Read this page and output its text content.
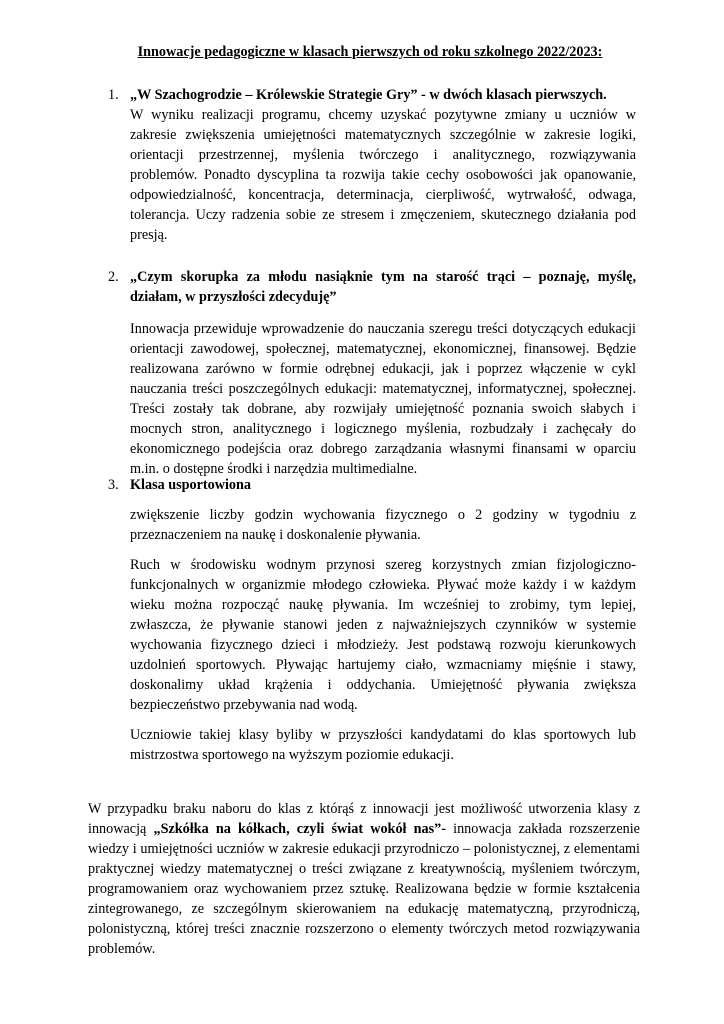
Innowacje pedagogiczne w klasach pierwszych od roku szkolnego 2022/2023:
1. „W Szachogrodzie – Królewskie Strategie Gry” - w dwóch klasach pierwszych.

W wyniku realizacji programu, chcemy uzyskać pozytywne zmiany u uczniów w zakresie zwiększenia umiejętności matematycznych szczególnie w zakresie logiki, orientacji przestrzennej, myślenia twórczego i analitycznego, rozwiązywania problemów. Ponadto dyscyplina ta rozwija takie cechy osobowości jak opanowanie, odpowiedzialność, koncentracja, determinacja, cierpliwość, wytrwałość, odwaga, tolerancja. Uczy radzenia sobie ze stresem i zmęczeniem, skutecznego działania pod presją.

2. „Czym skorupka za młodu nasiąknie tym na starość trąci – poznaję, myślę, działam, w przyszłości zdecyduję”

Innowacja przewiduje wprowadzenie do nauczania szeregu treści dotyczących edukacji orientacji zawodowej, społecznej, matematycznej, ekonomicznej, finansowej. Będzie realizowana zarówno w formie odrębnej edukacji, jak i poprzez włączenie w cykl nauczania treści poszczególnych edukacji: matematycznej, informatycznej, społecznej. Treści zostały tak dobrane, aby rozwijały umiejętność poznania swoich słabych i mocnych stron, analitycznego i logicznego myślenia, rozbudzały i zachęcały do ekonomicznego podejścia oraz dobrego zarządzania własnymi finansami w oparciu m.in. o dostępne środki i narzędzia multimedialne.

3. Klasa usportowiona

zwiększenie liczby godzin wychowania fizycznego o 2 godziny w tygodniu z przeznaczeniem na naukę i doskonalenie pływania.

Ruch w środowisku wodnym przynosi szereg korzystnych zmian fizjologiczno-funkcjonalnych w organizmie młodego człowieka. Pływać może każdy i w każdym wieku można rozpocząć naukę pływania. Im wcześniej to zrobimy, tym lepiej, zwłaszcza, że pływanie stanowi jeden z najważniejszych czynników w systemie wychowania fizycznego dzieci i młodzieży. Jest podstawą rozwoju kierunkowych uzdolnień sportowych. Pływając hartujemy ciało, wzmacniamy mięśnie i stawy, doskonalimy układ krążenia i oddychania. Umiejętność pływania zwiększa bezpieczeństwo przebywania nad wodą.

Uczniowie takiej klasy byliby w przyszłości kandydatami do klas sportowych lub mistrzostwa sportowego na wyższym poziomie edukacji.

W przypadku braku naboru do klas z którąś z innowacji jest możliwość utworzenia klasy z innowacją „Szkółka na kółkach, czyli świat wokół nas”- innowacja zakłada rozszerzenie wiedzy i umiejętności uczniów w zakresie edukacji przyrodniczo – polonistycznej, z elementami praktycznej wiedzy matematycznej o treści związane z kreatywnością, myśleniem twórczym, programowaniem oraz wychowaniem przez sztukę. Realizowana będzie w formie kształcenia zintegrowanego, ze szczególnym skierowaniem na edukację matematyczną, przyrodniczą, polonistyczną, której treści znacznie rozszerzono o elementy twórczych metod rozwiązywania problemów.
